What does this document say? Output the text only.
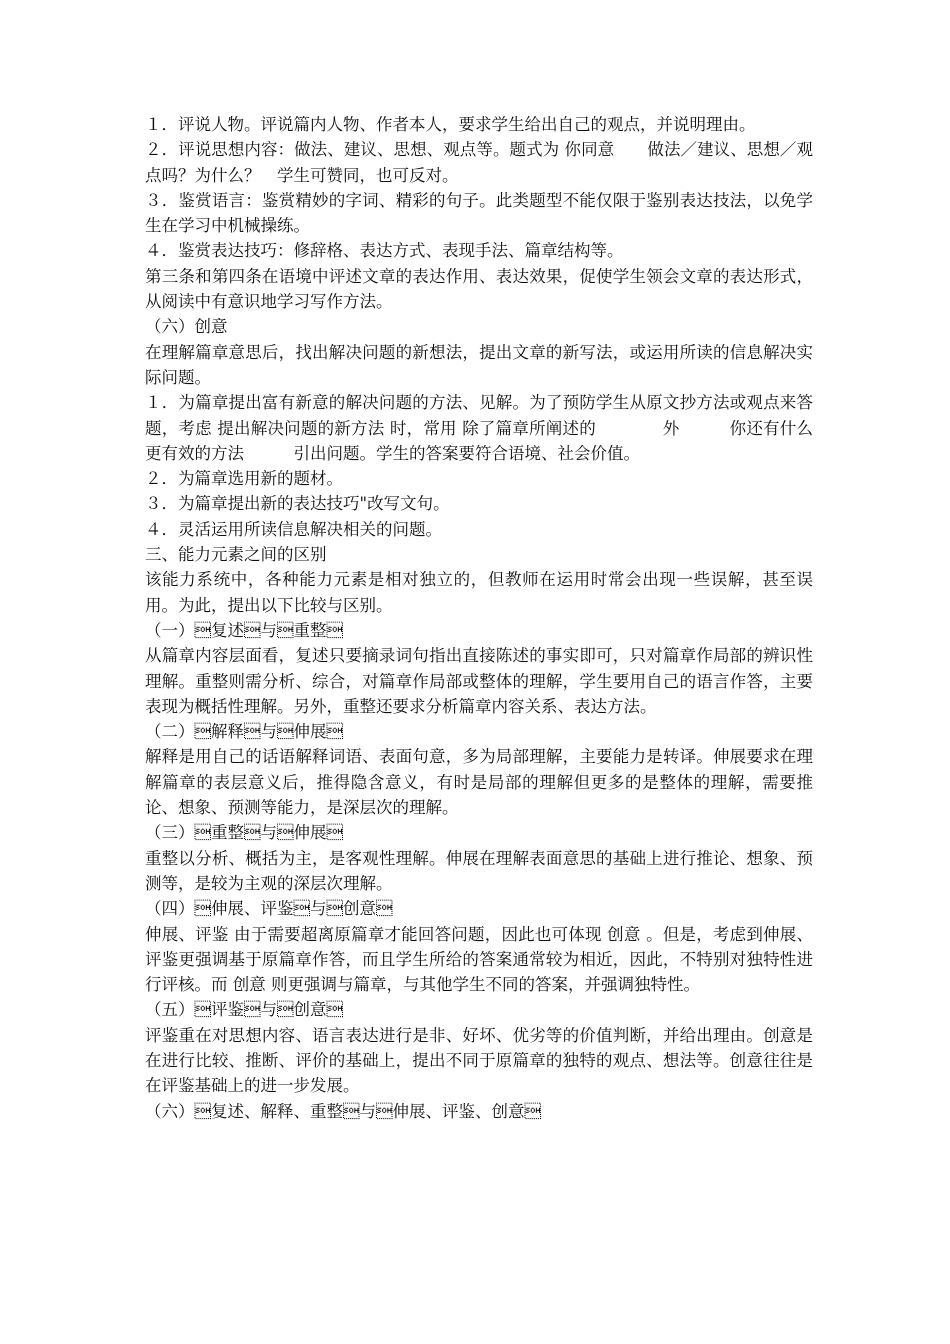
１．评说人物。评说篇内人物、作者本人，要求学生给出自己的观点，并说明理由。

２．评说思想内容：做法、建议、思想、观点等。题式为 你同意　　做法／建议、思想／观点吗？为什么？　学生可赞同，也可反对。

３．鉴赏语言：鉴赏精妙的字词、精彩的句子。此类题型不能仅限于鉴别表达技法，以免学生在学习中机械操练。

４．鉴赏表达技巧：修辞格、表达方式、表现手法、篇章结构等。

第三条和第四条在语境中评述文章的表达作用、表达效果，促使学生领会文章的表达形式，从阅读中有意识地学习写作方法。

（六）创意

在理解篇章意思后，找出解决问题的新想法，提出文章的新写法，或运用所读的信息解决实际问题。

１．为篇章提出富有新意的解决问题的方法、见解。为了预防学生从原文抄方法或观点来答题，考虑 提出解决问题的新方法 时，常用 除了篇章所阐述的　　　　外　　　你还有什么更有效的方法　　　引出问题。学生的答案要符合语境、社会价值。

２．为篇章选用新的题材。

３．为篇章提出新的表达技巧"改写文句。

４．灵活运用所读信息解决相关的问题。

三、能力元素之间的区别

该能力系统中，各种能力元素是相对独立的，但教师在运用时常会出现一些误解，甚至误用。为此，提出以下比较与区别。

（一）复述与重整

从篇章内容层面看，复述只要摘录词句指出直接陈述的事实即可，只对篇章作局部的辨识性理解。重整则需分析、综合，对篇章作局部或整体的理解，学生要用自己的语言作答，主要表现为概括性理解。另外，重整还要求分析篇章内容关系、表达方法。

（二）解释与伸展

解释是用自己的话语解释词语、表面句意，多为局部理解，主要能力是转译。伸展要求在理解篇章的表层意义后，推得隐含意义，有时是局部的理解但更多的是整体的理解，需要推论、想象、预测等能力，是深层次的理解。

（三）重整与伸展

重整以分析、概括为主，是客观性理解。伸展在理解表面意思的基础上进行推论、想象、预测等，是较为主观的深层次理解。

（四）伸展、评鉴与创意

伸展、评鉴 由于需要超离原篇章才能回答问题，因此也可体现 创意 。但是，考虑到伸展、评鉴更强调基于原篇章作答，而且学生所给的答案通常较为相近，因此，不特别对独特性进行评核。而 创意 则更强调与篇章，与其他学生不同的答案，并强调独特性。

（五）评鉴与创意

评鉴重在对思想内容、语言表达进行是非、好坏、优劣等的价值判断，并给出理由。创意是在进行比较、推断、评价的基础上，提出不同于原篇章的独特的观点、想法等。创意往往是在评鉴基础上的进一步发展。

（六）复述、解释、重整与伸展、评鉴、创意
